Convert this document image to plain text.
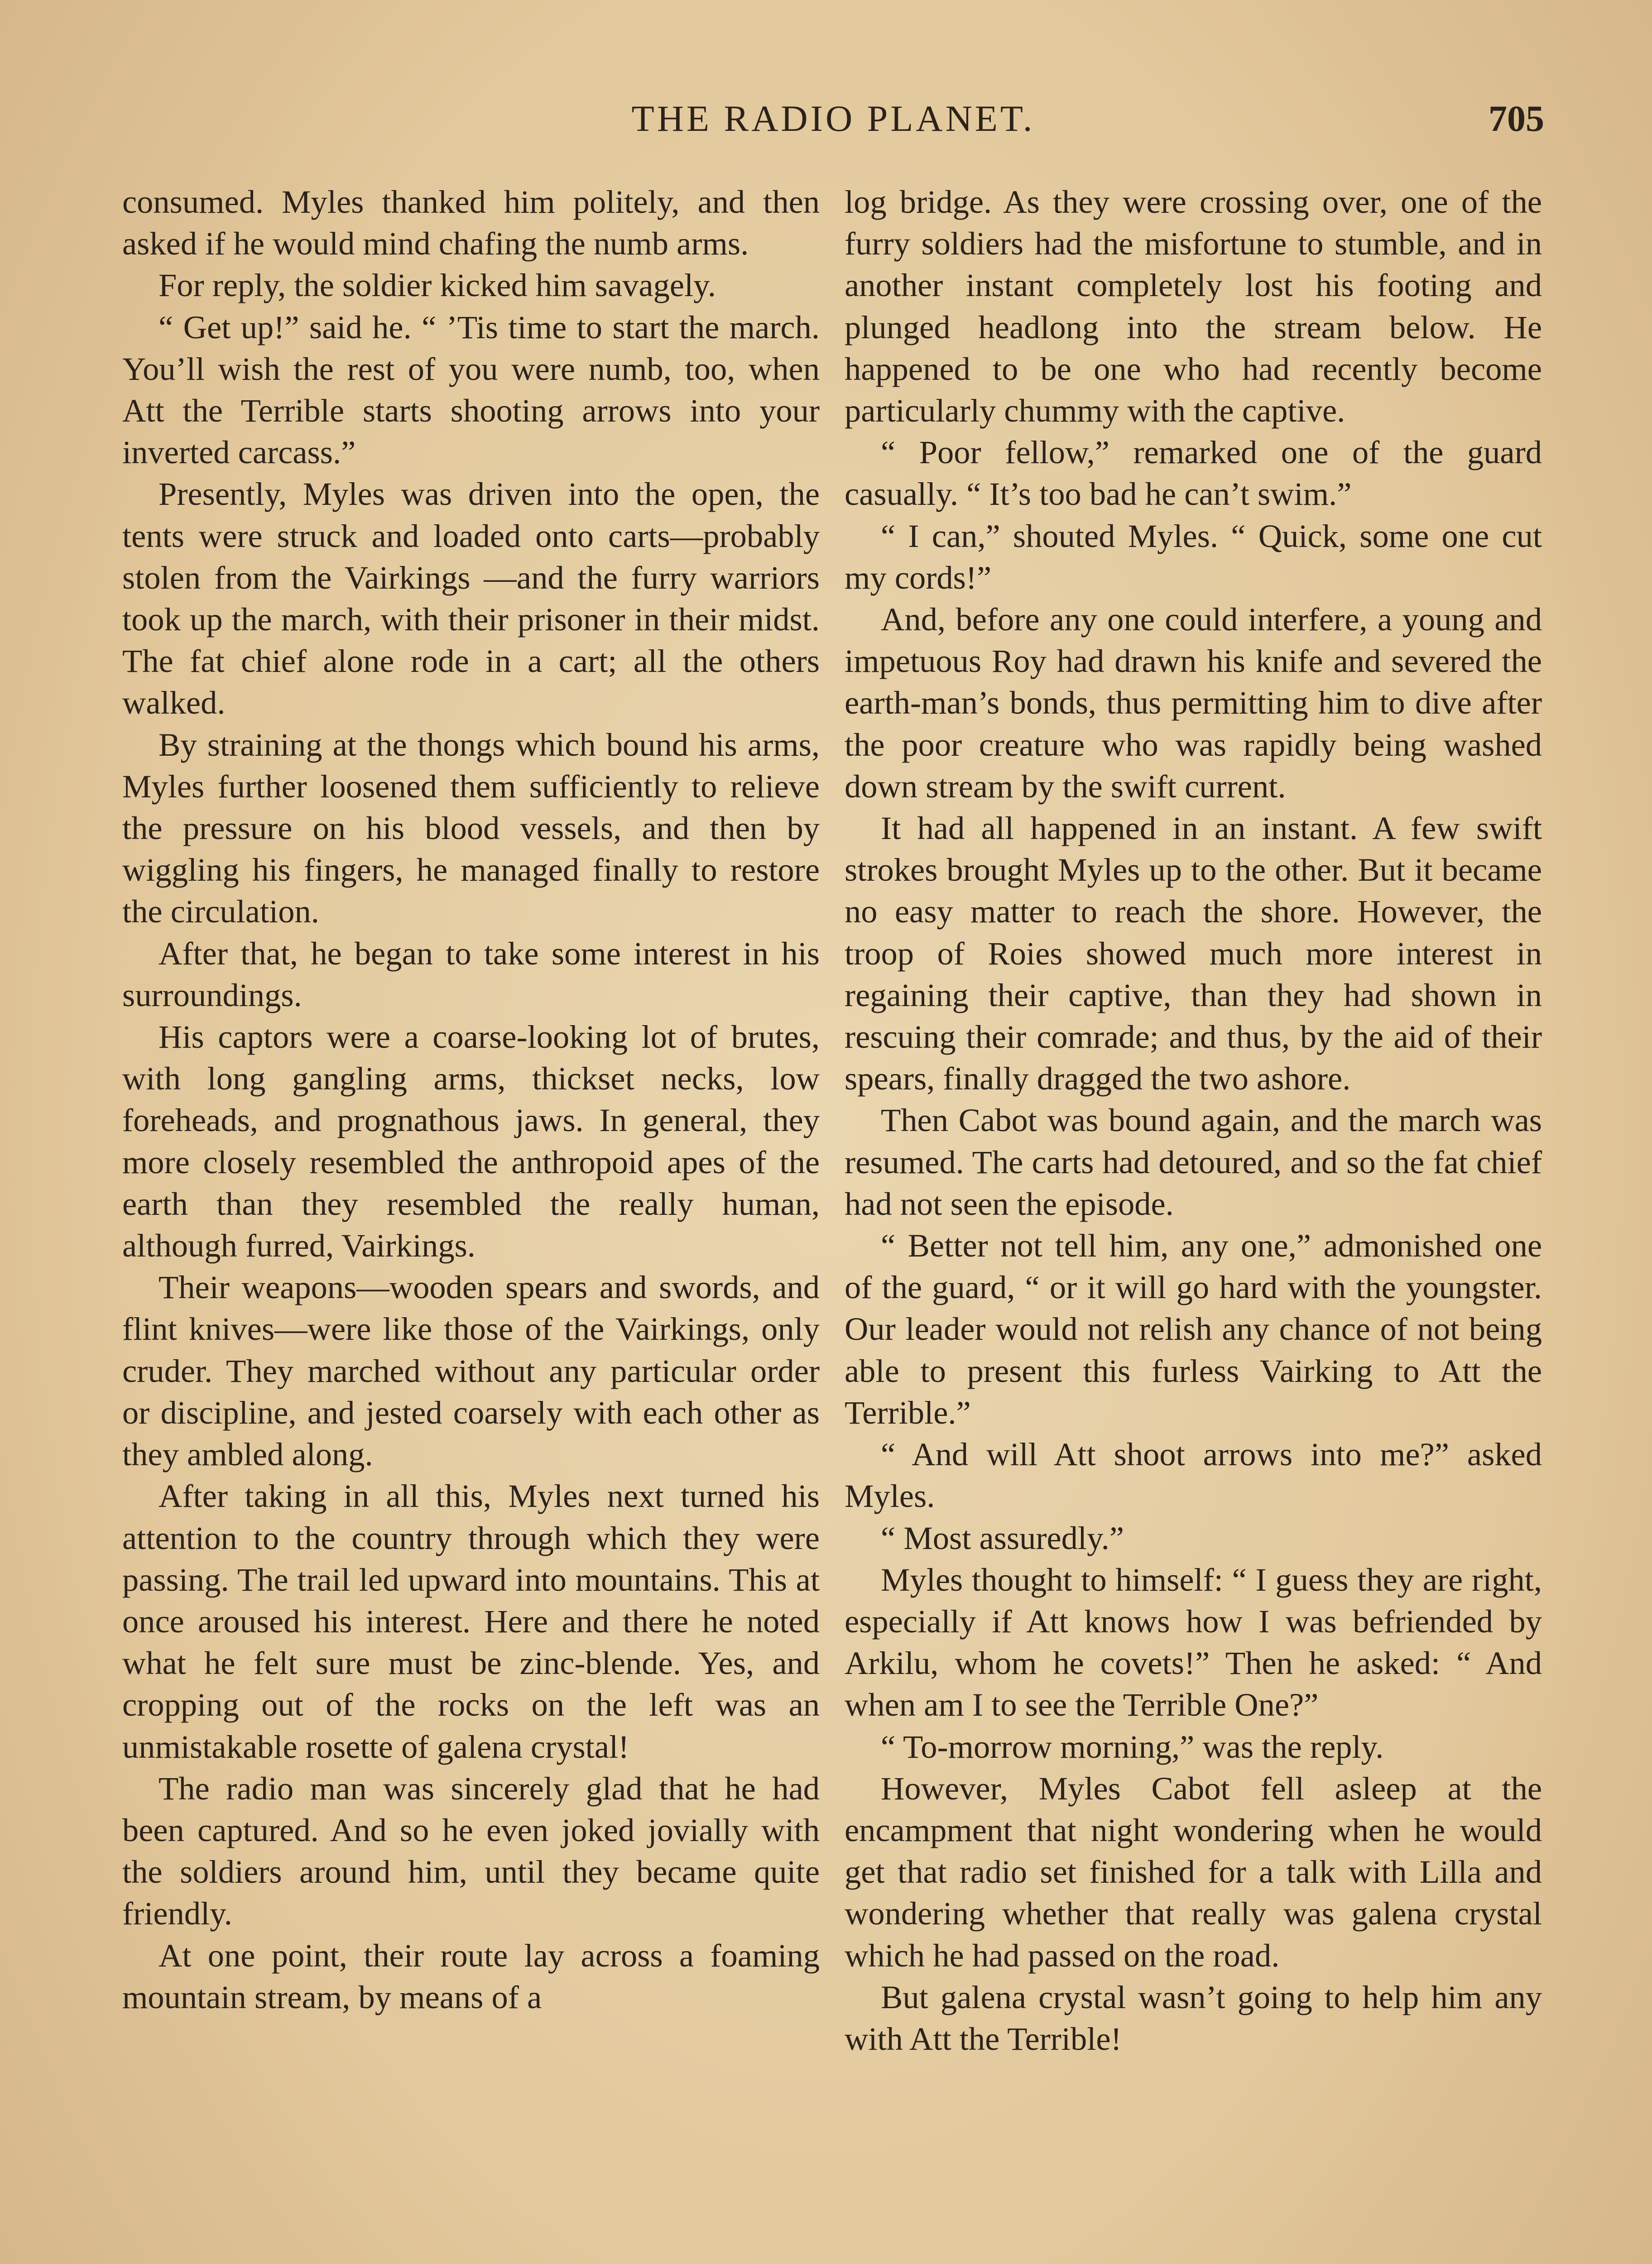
THE RADIO PLANET.	705

consumed. Myles thanked him politely, and then asked if he would mind chafing the numb arms.

For reply, the soldier kicked him savagely.

“ Get up!” said he. “ ’Tis time to start the march. You’ll wish the rest of you were numb, too, when Att the Terrible starts shooting arrows into your inverted carcass.”

Presently, Myles was driven into the open, the tents were struck and loaded onto carts—probably stolen from the Vairkings —and the furry warriors took up the march, with their prisoner in their midst. The fat chief alone rode in a cart; all the others walked.

By straining at the thongs which bound his arms, Myles further loosened them sufficiently to relieve the pressure on his blood vessels, and then by wiggling his fingers, he managed finally to restore the circulation.

After that, he began to take some interest in his surroundings.

His captors were a coarse-looking lot of brutes, with long gangling arms, thickset necks, low foreheads, and prognathous jaws. In general, they more closely resembled the anthropoid apes of the earth than they resembled the really human, although furred, Vairkings.

Their weapons—wooden spears and swords, and flint knives—were like those of the Vairkings, only cruder. They marched without any particular order or discipline, and jested coarsely with each other as they ambled along.

After taking in all this, Myles next turned his attention to the country through which they were passing. The trail led upward into mountains. This at once aroused his interest. Here and there he noted what he felt sure must be zinc-blende. Yes, and cropping out of the rocks on the left was an unmistakable rosette of galena crystal!

The radio man was sincerely glad that he had been captured. And so he even joked jovially with the soldiers around him, until they became quite friendly.

At one point, their route lay across a foaming mountain stream, by means of a

log bridge. As they were crossing over, one of the furry soldiers had the misfortune to stumble, and in another instant completely lost his footing and plunged headlong into the stream below. He happened to be one who had recently become particularly chummy with the captive.

“ Poor fellow,” remarked one of the guard casually. “ It’s too bad he can’t swim.”

“ I can,” shouted Myles. “ Quick, some one cut my cords!”

And, before any one could interfere, a young and impetuous Roy had drawn his knife and severed the earth-man’s bonds, thus permitting him to dive after the poor creature who was rapidly being washed down stream by the swift current.

It had all happened in an instant. A few swift strokes brought Myles up to the other. But it became no easy matter to reach the shore. However, the troop of Roies showed much more interest in regaining their captive, than they had shown in rescuing their comrade; and thus, by the aid of their spears, finally dragged the two ashore.

Then Cabot was bound again, and the march was resumed. The carts had detoured, and so the fat chief had not seen the episode.

“ Better not tell him, any one,” admonished one of the guard, “ or it will go hard with the youngster. Our leader would not relish any chance of not being able to present this furless Vairking to Att the Terrible.”

“ And will Att shoot arrows into me?” asked Myles.

“ Most assuredly.”

Myles thought to himself: “ I guess they are right, especially if Att knows how I was befriended by Arkilu, whom he covets!” Then he asked: “ And when am I to see the Terrible One?”

“ To-morrow morning,” was the reply.

However, Myles Cabot fell asleep at the encampment that night wondering when he would get that radio set finished for a talk with Lilla and wondering whether that really was galena crystal which he had passed on the road.

But galena crystal wasn’t going to help him any with Att the Terrible!
